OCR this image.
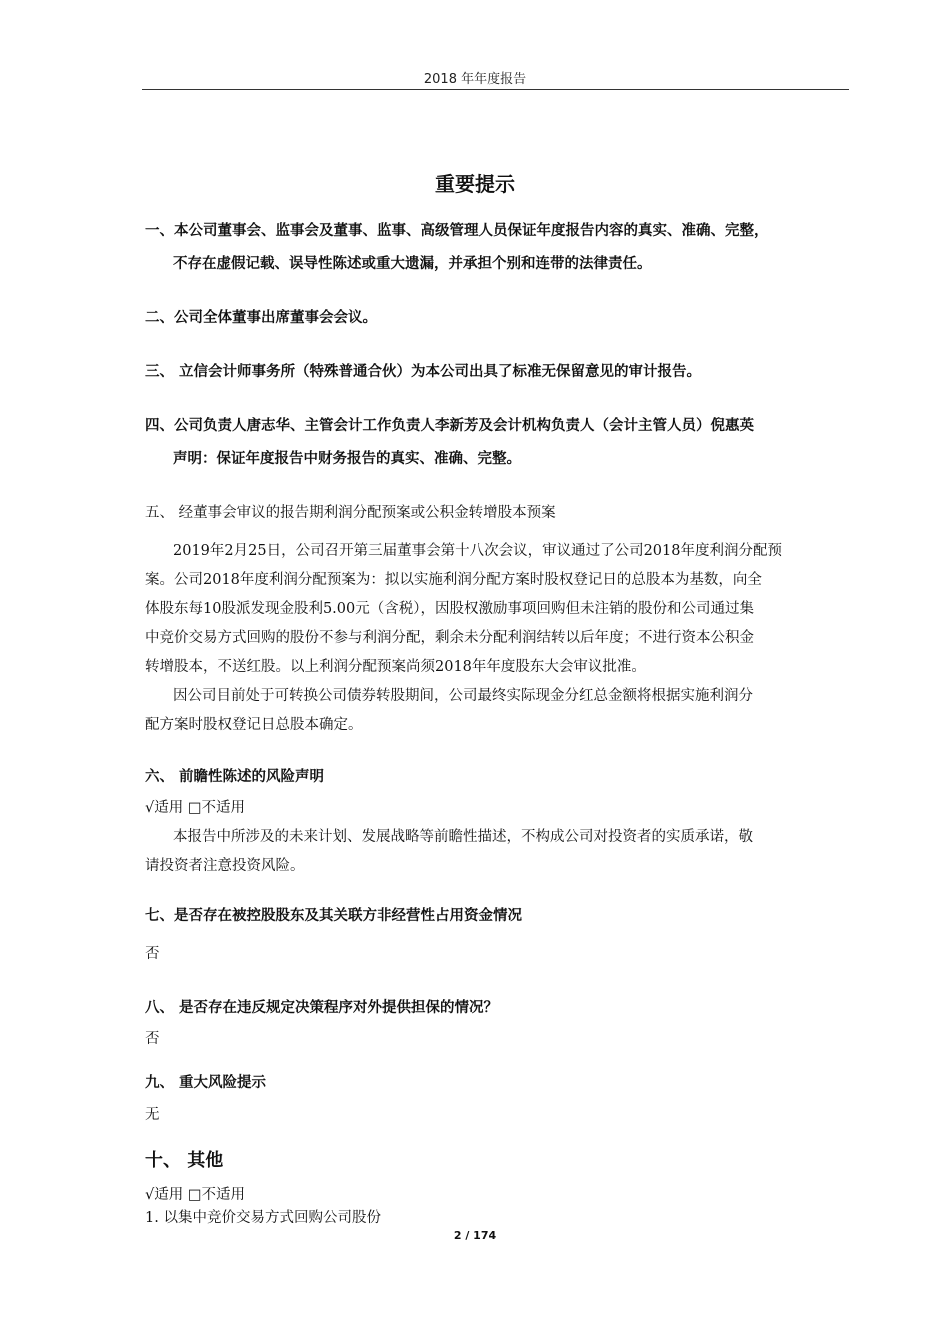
2018 年年度报告
重要提示
一、本公司董事会、监事会及董事、监事、高级管理人员保证年度报告内容的真实、准确、完整，
不存在虚假记载、误导性陈述或重大遗漏，并承担个别和连带的法律责任。
二、公司全体董事出席董事会会议。
三、 立信会计师事务所（特殊普通合伙）为本公司出具了标准无保留意见的审计报告。
四、公司负责人唐志华、主管会计工作负责人李新芳及会计机构负责人（会计主管人员）倪惠英
声明：保证年度报告中财务报告的真实、准确、完整。
五、 经董事会审议的报告期利润分配预案或公积金转增股本预案
2019年2月25日，公司召开第三届董事会第十八次会议，审议通过了公司2018年度利润分配预
案。公司2018年度利润分配预案为：拟以实施利润分配方案时股权登记日的总股本为基数，向全
体股东每10股派发现金股利5.00元（含税），因股权激励事项回购但未注销的股份和公司通过集
中竞价交易方式回购的股份不参与利润分配，剩余未分配利润结转以后年度；不进行资本公积金
转增股本，不送红股。以上利润分配预案尚须2018年年度股东大会审议批准。
因公司目前处于可转换公司债券转股期间，公司最终实际现金分红总金额将根据实施利润分
配方案时股权登记日总股本确定。
六、 前瞻性陈述的风险声明
√适用 □不适用
本报告中所涉及的未来计划、发展战略等前瞻性描述，不构成公司对投资者的实质承诺，敬
请投资者注意投资风险。
七、是否存在被控股股东及其关联方非经营性占用资金情况
否
八、 是否存在违反规定决策程序对外提供担保的情况？
否
九、 重大风险提示
无
十、 其他
√适用 □不适用
1. 以集中竞价交易方式回购公司股份
2 / 174
